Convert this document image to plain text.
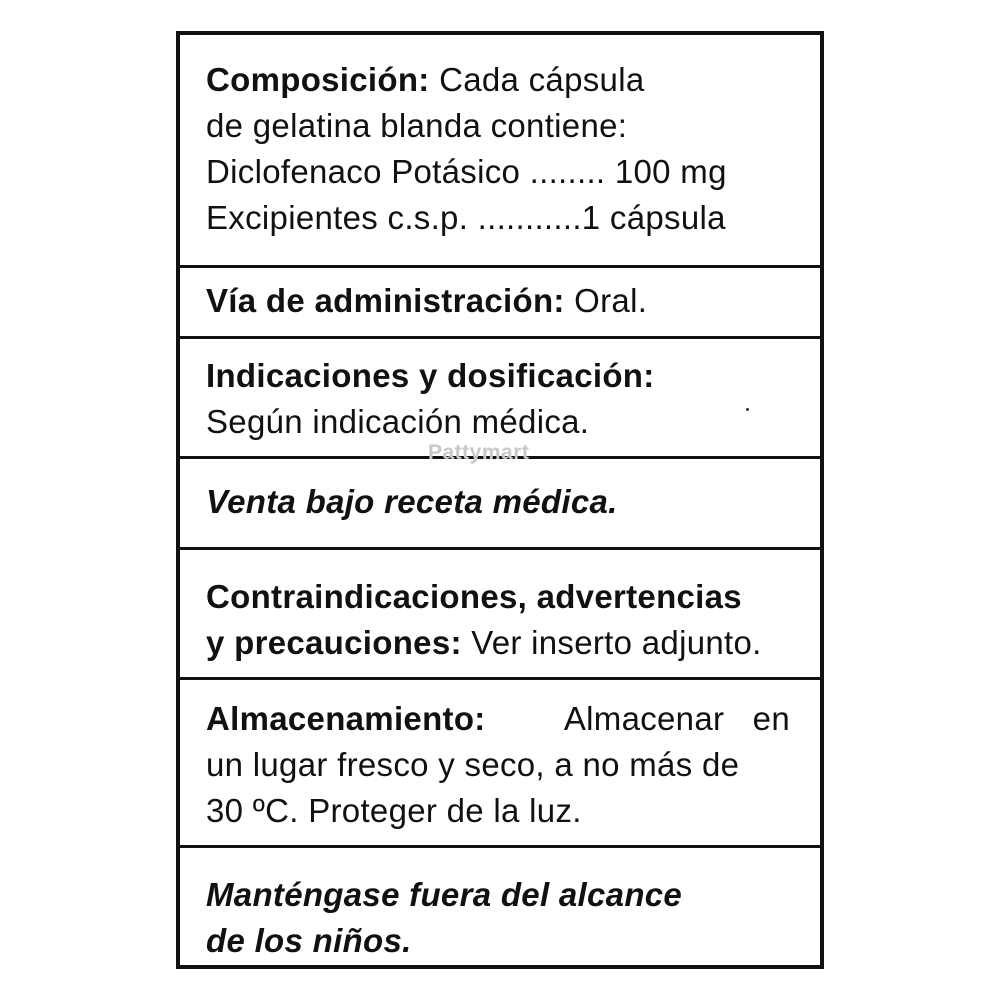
Composición: Cada cápsula
de gelatina blanda contiene:
Diclofenaco Potásico ........ 100 mg
Excipientes c.s.p. ...........1 cápsula
Vía de administración: Oral.
Indicaciones y dosificación:
Según indicación médica.
Venta bajo receta médica.
Contraindicaciones, advertencias
y precauciones: Ver inserto adjunto.
Almacenamiento: Almacenar   en
un lugar fresco y seco, a no más de
30 ºC. Proteger de la luz.
Manténgase fuera del alcance
de los niños.
Pattymart
